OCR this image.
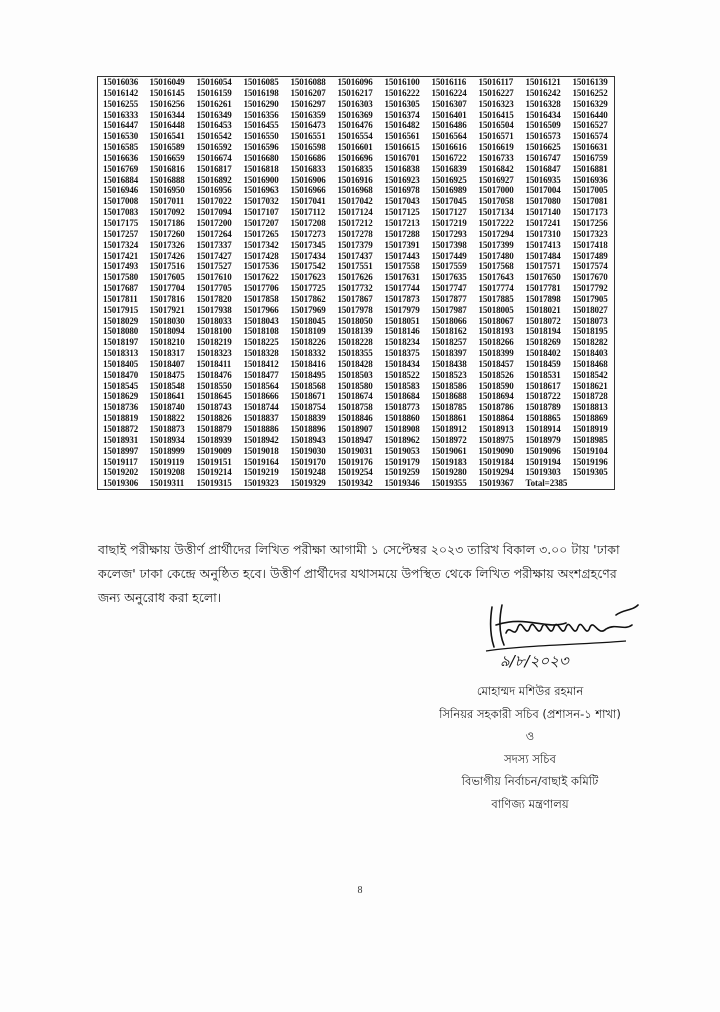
15016036	15016049	15016054	15016085	15016088	15016096	15016100	15016116	15016117	15016121	15016139
15016142	15016145	15016159	15016198	15016207	15016217	15016222	15016224	15016227	15016242	15016252
15016255	15016256	15016261	15016290	15016297	15016303	15016305	15016307	15016323	15016328	15016329
15016333	15016344	15016349	15016356	15016359	15016369	15016374	15016401	15016415	15016434	15016440
15016447	15016448	15016453	15016455	15016473	15016476	15016482	15016486	15016504	15016509	15016527
15016530	15016541	15016542	15016550	15016551	15016554	15016561	15016564	15016571	15016573	15016574
15016585	15016589	15016592	15016596	15016598	15016601	15016615	15016616	15016619	15016625	15016631
15016636	15016659	15016674	15016680	15016686	15016696	15016701	15016722	15016733	15016747	15016759
15016769	15016816	15016817	15016818	15016833	15016835	15016838	15016839	15016842	15016847	15016881
15016884	15016888	15016892	15016900	15016906	15016916	15016923	15016925	15016927	15016935	15016936
15016946	15016950	15016956	15016963	15016966	15016968	15016978	15016989	15017000	15017004	15017005
15017008	15017011	15017022	15017032	15017041	15017042	15017043	15017045	15017058	15017080	15017081
15017083	15017092	15017094	15017107	15017112	15017124	15017125	15017127	15017134	15017140	15017173
15017175	15017186	15017200	15017207	15017208	15017212	15017213	15017219	15017222	15017241	15017256
15017257	15017260	15017264	15017265	15017273	15017278	15017288	15017293	15017294	15017310	15017323
15017324	15017326	15017337	15017342	15017345	15017379	15017391	15017398	15017399	15017413	15017418
15017421	15017426	15017427	15017428	15017434	15017437	15017443	15017449	15017480	15017484	15017489
15017493	15017516	15017527	15017536	15017542	15017551	15017558	15017559	15017568	15017571	15017574
15017580	15017605	15017610	15017622	15017623	15017626	15017631	15017635	15017643	15017650	15017670
15017687	15017704	15017705	15017706	15017725	15017732	15017744	15017747	15017774	15017781	15017792
15017811	15017816	15017820	15017858	15017862	15017867	15017873	15017877	15017885	15017898	15017905
15017915	15017921	15017938	15017966	15017969	15017978	15017979	15017987	15018005	15018021	15018027
15018029	15018030	15018033	15018043	15018045	15018050	15018051	15018066	15018067	15018072	15018073
15018080	15018094	15018100	15018108	15018109	15018139	15018146	15018162	15018193	15018194	15018195
15018197	15018210	15018219	15018225	15018226	15018228	15018234	15018257	15018266	15018269	15018282
15018313	15018317	15018323	15018328	15018332	15018355	15018375	15018397	15018399	15018402	15018403
15018405	15018407	15018411	15018412	15018416	15018428	15018434	15018438	15018457	15018459	15018468
15018470	15018475	15018476	15018477	15018495	15018503	15018522	15018523	15018526	15018531	15018542
15018545	15018548	15018550	15018564	15018568	15018580	15018583	15018586	15018590	15018617	15018621
15018629	15018641	15018645	15018666	15018671	15018674	15018684	15018688	15018694	15018722	15018728
15018736	15018740	15018743	15018744	15018754	15018758	15018773	15018785	15018786	15018789	15018813
15018819	15018822	15018826	15018837	15018839	15018846	15018860	15018861	15018864	15018865	15018869
15018872	15018873	15018879	15018886	15018896	15018907	15018908	15018912	15018913	15018914	15018919
15018931	15018934	15018939	15018942	15018943	15018947	15018962	15018972	15018975	15018979	15018985
15018997	15018999	15019009	15019018	15019030	15019031	15019053	15019061	15019090	15019096	15019104
15019117	15019119	15019151	15019164	15019170	15019176	15019179	15019183	15019184	15019194	15019196
15019202	15019208	15019214	15019219	15019248	15019254	15019259	15019280	15019294	15019303	15019305
15019306	15019311	15019315	15019323	15019329	15019342	15019346	15019355	15019367	Total=2385	

বাছাই পরীক্ষায় উত্তীর্ণ প্রার্থীদের লিখিত পরীক্ষা আগামী ১ সেপ্টেম্বর ২০২৩ তারিখ বিকাল ৩.০০ টায় 'ঢাকা কলেজ' ঢাকা কেন্দ্রে অনুষ্ঠিত হবে। উত্তীর্ণ প্রার্থীদের যথাসময়ে উপস্থিত থেকে লিখিত পরীক্ষায় অংশগ্রহণের জন্য অনুরোধ করা হলো।

৯/৮/২০২৩
মোহাম্মদ মশিউর রহমান
সিনিয়র সহকারী সচিব (প্রশাসন-১ শাখা)
ও
সদস্য সচিব
বিভাগীয় নির্বাচন/বাছাই কমিটি
বাণিজ্য মন্ত্রণালয়
8
